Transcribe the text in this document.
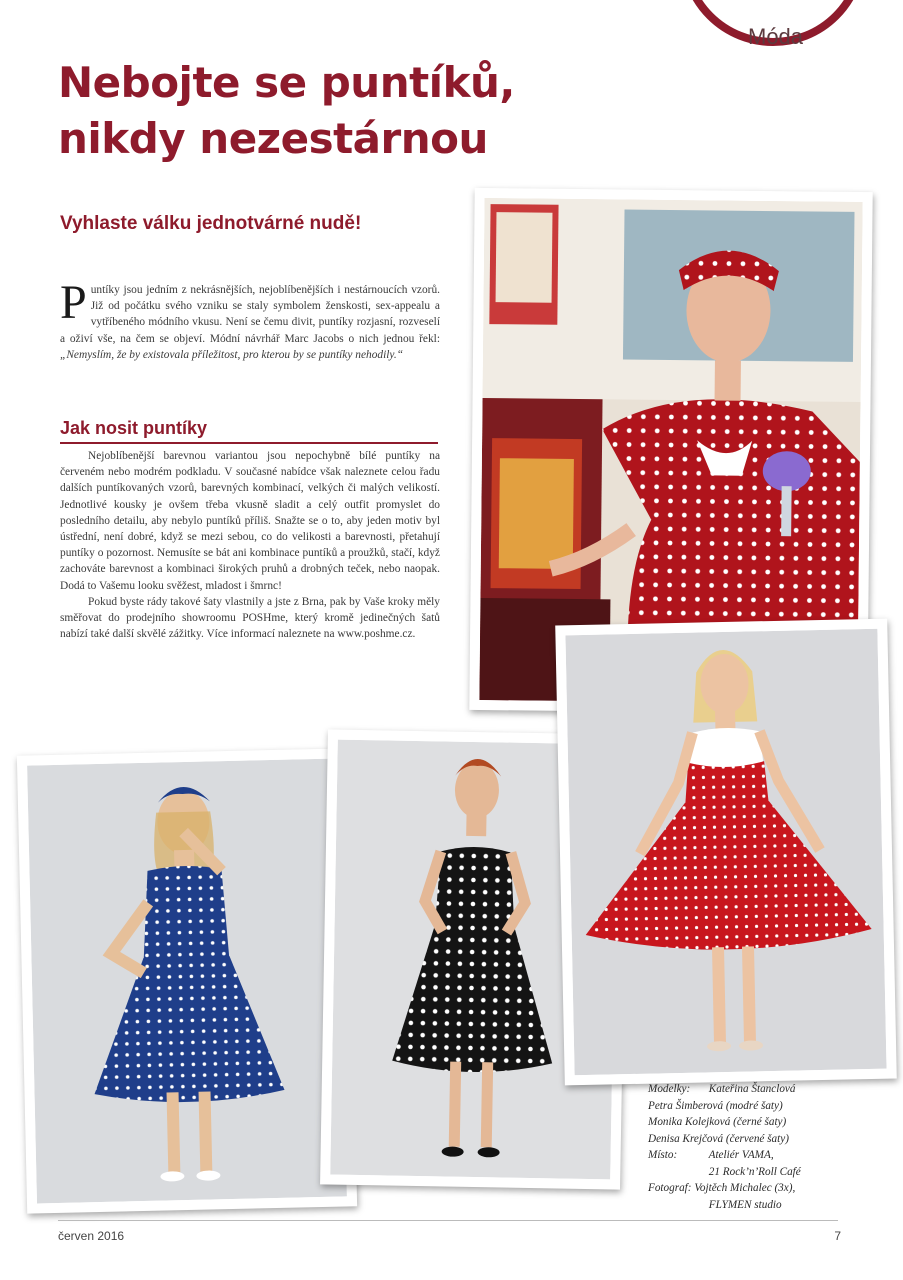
Móda
Nebojte se puntíků,
nikdy nezestárnou
Vyhlaste válku jednotvárné nudě!

Puntíky jsou jedním z nekrásnějších, nejoblíbenějších i nestárnoucích vzorů. Již od počátku svého vzniku se staly symbolem ženskosti, sex-appealu a vytříbeného módního vkusu. Není se čemu divit, puntíky rozjasní, rozveselí a oživí vše, na čem se objeví. Módní návrhář Marc Jacobs o nich jednou řekl: „Nemyslím, že by existovala příležitost, pro kterou by se puntíky nehodily.“

Jak nosit puntíky

Nejoblíbenější barevnou variantou jsou nepochybně bílé puntíky na červeném nebo modrém podkladu. V současné nabídce však naleznete celou řadu dalších puntíkovaných vzorů, barevných kombinací, velkých či malých velikostí. Jednotlivé kousky je ovšem třeba vkusně sladit a celý outfit promyslet do posledního detailu, aby nebylo puntíků příliš. Snažte se o to, aby jeden motiv byl ústřední, není dobré, když se mezi sebou, co do velikosti a barevnosti, přetahují puntíky o pozornost. Nemusíte se bát ani kombinace puntíků a proužků, stačí, když zachováte barevnost a kombinaci širokých pruhů a drobných teček, nebo naopak. Dodá to Vašemu looku svěžest, mladost i šmrnc!

Pokud byste rády takové šaty vlastnily a jste z Brna, pak by Vaše kroky měly směřovat do prodejního showroomu POSHme, který kromě jedinečných šatů nabízí také další skvělé zážitky. Více informací naleznete na www.poshme.cz.

Modelky: Kateřina Štanclová
Petra Šimberová (modré šaty)
Monika Kolejková (černé šaty)
Denisa Krejčová (červené šaty)
Místo:	Ateliér VAMA,
21 Rock’n’Roll Café
Fotograf: Vojtěch Michalec (3x),
FLYMEN studio
červen 2016	7
